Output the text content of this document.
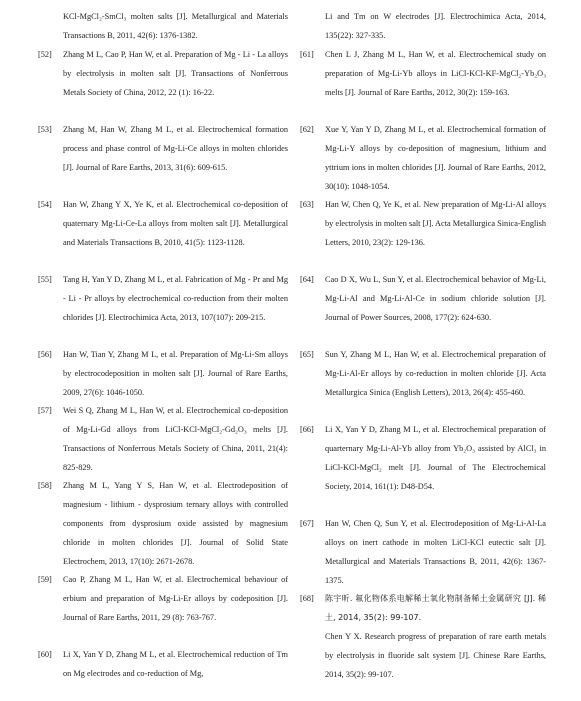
KCl-MgCl₂-SmCl₃ molten salts [J]. Metallurgical and Materials Transactions B, 2011, 42(6): 1376-1382.
[52]	Zhang M L, Cao P, Han W, et al. Preparation of Mg - Li - La alloys by electrolysis in molten salt [J]. Transactions of Nonferrous Metals Society of China, 2012, 22 (1): 16-22.
[53]	Zhang M, Han W, Zhang M L, et al. Electrochemical formation process and phase control of Mg-Li-Ce alloys in molten chlorides [J]. Journal of Rare Earths, 2013, 31(6): 609-615.
[54]	Han W, Zhang Y X, Ye K, et al. Electrochemical co-deposition of quaternary Mg-Li-Ce-La alloys from molten salt [J]. Metallurgical and Materials Transactions B, 2010, 41(5): 1123-1128.
[55]	Tang H, Yan Y D, Zhang M L, et al. Fabrication of Mg - Pr and Mg - Li - Pr alloys by electrochemical co-reduction from their molten chlorides [J]. Electrochimica Acta, 2013, 107(107): 209-215.
[56]	Han W, Tian Y, Zhang M L, et al. Preparation of Mg-Li-Sm alloys by electrocodeposition in molten salt [J]. Journal of Rare Earths, 2009, 27(6): 1046-1050.
[57]	Wei S Q, Zhang M L, Han W, et al. Electrochemical co-deposition of Mg-Li-Gd alloys from LiCl-KCl-MgCl₂-Gd₂O₃ melts [J]. Transactions of Nonferrous Metals Society of China, 2011, 21(4): 825-829.
[58]	Zhang M L, Yang Y S, Han W, et al. Electrodeposition of magnesium - lithium - dysprosium ternary alloys with controlled components from dysprosium oxide assisted by magnesium chloride in molten chlorides [J]. Journal of Solid State Electrochem, 2013, 17(10): 2671-2678.
[59]	Cao P, Zhang M L, Han W, et al. Electrochemical behaviour of erbium and preparation of Mg-Li-Er alloys by codeposition [J]. Journal of Rare Earths, 2011, 29 (8): 763-767.
[60]	Li X, Yan Y D, Zhang M L, et al. Electrochemical reduction of Tm on Mg electrodes and co-reduction of Mg,
Li and Tm on W electrodes [J]. Electrochimica Acta, 2014, 135(22): 327-335.
[61]	Chen L J, Zhang M L, Han W, et al. Electrochemical study on preparation of Mg-Li-Yb alloys in LiCl-KCl-KF-MgCl₂-Yb₂O₃ melts [J]. Journal of Rare Earths, 2012, 30(2): 159-163.
[62]	Xue Y, Yan Y D, Zhang M L, et al. Electrochemical formation of Mg-Li-Y alloys by co-deposition of magnesium, lithium and yttrium ions in molten chlorides [J]. Journal of Rare Earths, 2012, 30(10): 1048-1054.
[63]	Han W, Chen Q, Ye K, et al. New preparation of Mg-Li-Al alloys by electrolysis in molten salt [J]. Acta Metallurgica Sinica-English Letters, 2010, 23(2): 129-136.
[64]	Cao D X, Wu L, Sun Y, et al. Electrochemical behavior of Mg-Li, Mg-Li-Al and Mg-Li-Al-Ce in sodium chloride solution [J]. Journal of Power Sources, 2008, 177(2): 624-630.
[65]	Sun Y, Zhang M L, Han W, et al. Electrochemical preparation of Mg-Li-Al-Er alloys by co-reduction in molten chloride [J]. Acta Metallurgica Sinica (English Letters), 2013, 26(4): 455-460.
[66]	Li X, Yan Y D, Zhang M L, et al. Electrochemical preparation of quarternary Mg-Li-Al-Yb alloy from Yb₂O₃ assisted by AlCl₃ in LiCl-KCl-MgCl₂ melt [J]. Journal of The Electrochemical Society, 2014, 161(1): D48-D54.
[67]	Han W, Chen Q, Sun Y, et al. Electrodeposition of Mg-Li-Al-La alloys on inert cathode in molten LiCl-KCl eutectic salt [J]. Metallurgical and Materials Transactions B, 2011, 42(6): 1367-1375.
[68]	陈宇昕. 氟化物体系电解稀土氧化物制备稀土金属研究 [J]. 稀土, 2014, 35(2): 99-107.
Chen Y X. Research progress of preparation of rare earth metals by electrolysis in fluoride salt system [J]. Chinese Rare Earths, 2014, 35(2): 99-107.
